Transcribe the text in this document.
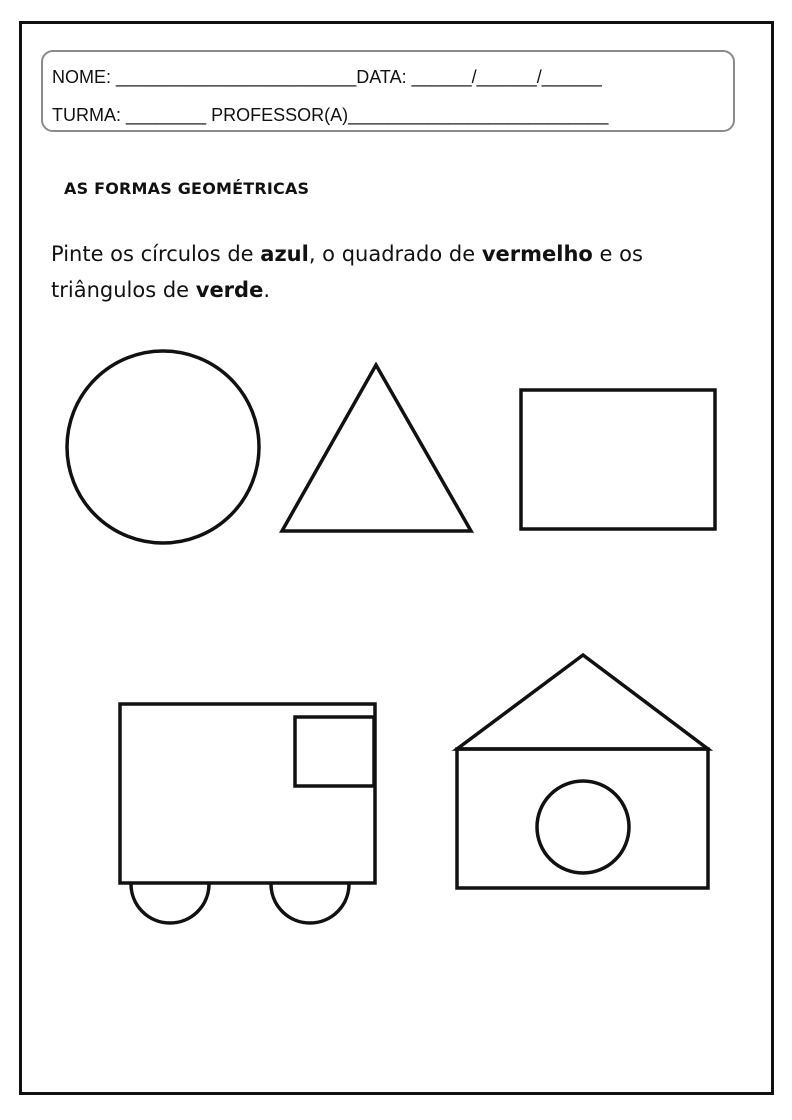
NOME: ________________________DATA: ______/______/______
TURMA: ________ PROFESSOR(A)__________________________
AS FORMAS GEOMÉTRICAS

Pinte os círculos de azul, o quadrado de vermelho e os triângulos de verde.
